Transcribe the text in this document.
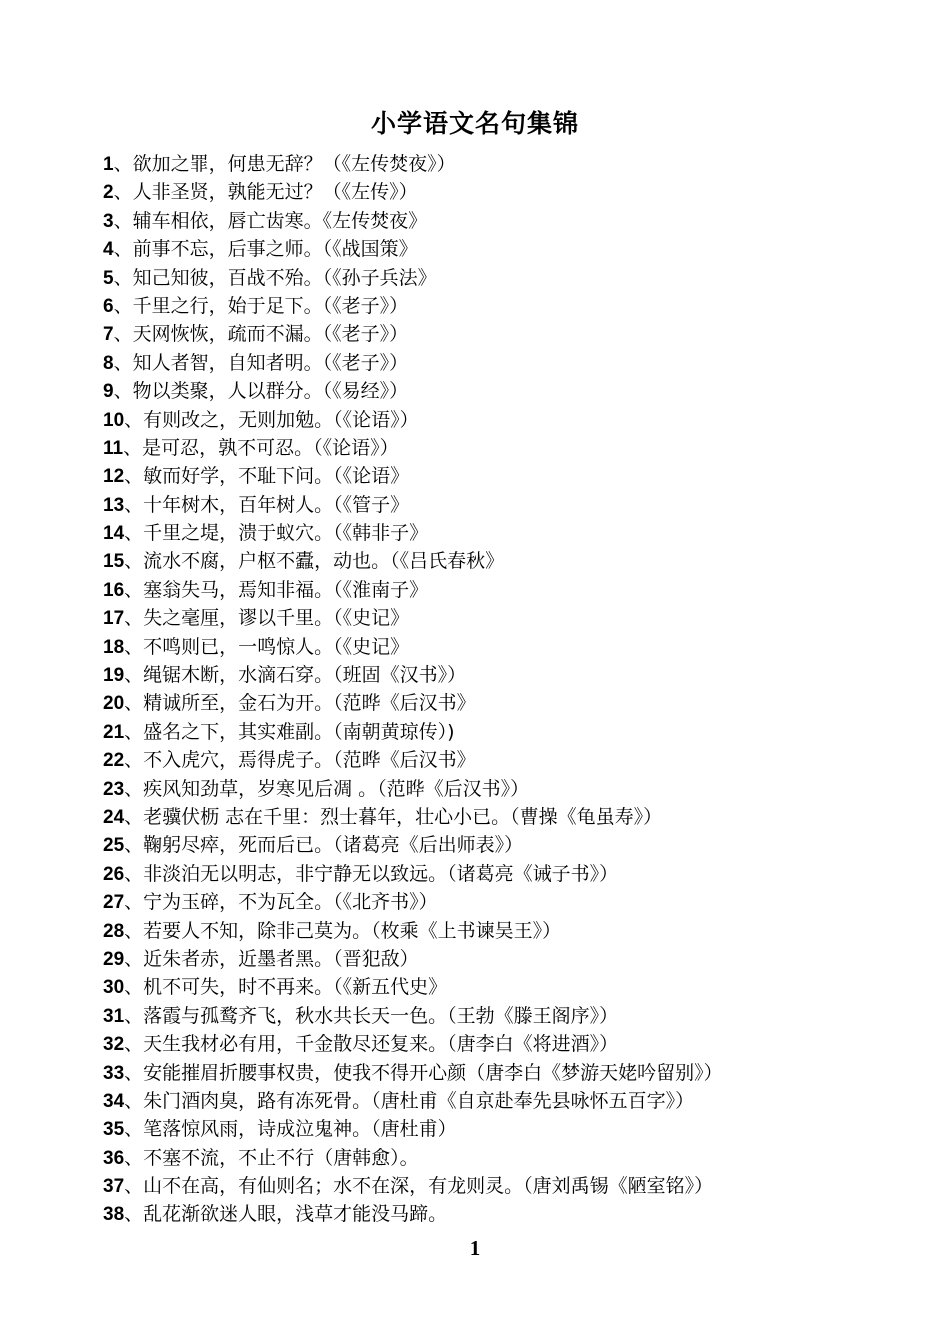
小学语文名句集锦
1、欲加之罪，何患无辞？（《左传焚夜》）
2、人非圣贤，孰能无过？（《左传》）
3、辅车相依，唇亡齿寒。《左传焚夜》
4、前事不忘，后事之师。（《战国策》
5、知己知彼，百战不殆。（《孙子兵法》
6、千里之行，始于足下。（《老子》）
7、天网恢恢，疏而不漏。（《老子》）
8、知人者智，自知者明。（《老子》）
9、物以类聚，人以群分。（《易经》）
10、有则改之，无则加勉。（《论语》）
11、是可忍，孰不可忍。（《论语》）
12、敏而好学，不耻下问。（《论语》
13、十年树木，百年树人。（《管子》
14、千里之堤，溃于蚁穴。（《韩非子》
15、流水不腐，户枢不蠹，动也。（《吕氏春秋》
16、塞翁失马，焉知非福。（《淮南子》
17、失之毫厘，谬以千里。（《史记》
18、不鸣则已，一鸣惊人。（《史记》
19、绳锯木断，水滴石穿。（班固《汉书》）
20、精诚所至，金石为开。（范晔《后汉书》
21、盛名之下，其实难副。（南朝黄琼传）)
22、不入虎穴，焉得虎子。（范晔《后汉书》
23、疾风知劲草，岁寒见后凋 。（范晔《后汉书》）
24、老骥伏枥 志在千里：烈士暮年，壮心小已。（曹操《龟虽寿》）
25、鞠躬尽瘁，死而后已。（诸葛亮《后出师表》）
26、非淡泊无以明志，非宁静无以致远。（诸葛亮《诫子书》）
27、宁为玉碎，不为瓦全。（《北齐书》）
28、若要人不知，除非己莫为。（枚乘《上书谏吴王》）
29、近朱者赤，近墨者黑。（晋犯敌）
30、机不可失，时不再来。（《新五代史》
31、落霞与孤鹜齐飞，秋水共长天一色。（王勃《滕王阁序》）
32、天生我材必有用，千金散尽还复来。（唐李白《将进酒》）
33、安能摧眉折腰事权贵，使我不得开心颜（唐李白《梦游天姥吟留别》）
34、朱门酒肉臭，路有冻死骨。（唐杜甫《自京赴奉先县咏怀五百字》）
35、笔落惊风雨，诗成泣鬼神。（唐杜甫）
36、不塞不流，不止不行（唐韩愈）。
37、山不在高，有仙则名；水不在深，有龙则灵。（唐刘禹锡《陋室铭》）
38、乱花渐欲迷人眼，浅草才能没马蹄。
1
